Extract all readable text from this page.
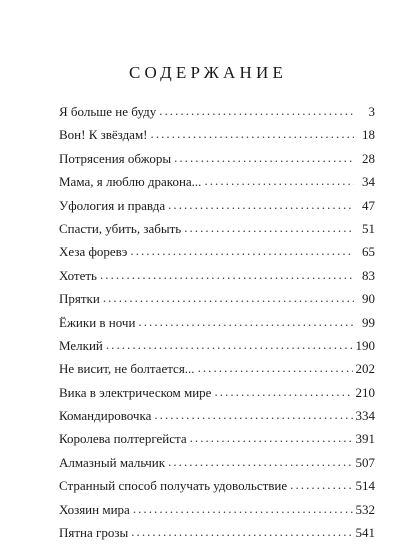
СОДЕРЖАНИЕ
Я больше не буду . . .	3
Вон! К звёздам! . . .	18
Потрясения обжоры . . .	28
Мама, я люблю дракона... . . .	34
Уфология и правда . . .	47
Спасти, убить, забыть . . .	51
Хеза форевэ . . .	65
Хотеть . . .	83
Прятки . . .	90
Ёжики в ночи . . .	99
Мелкий . . .	190
Не висит, не болтается... . . .	202
Вика в электрическом мире . . .	210
Командировочка . . .	334
Королева полтергейста . . .	391
Алмазный мальчик . . .	507
Странный способ получать удовольствие . . .	514
Хозяин мира . . .	532
Пятна грозы . . .	541
